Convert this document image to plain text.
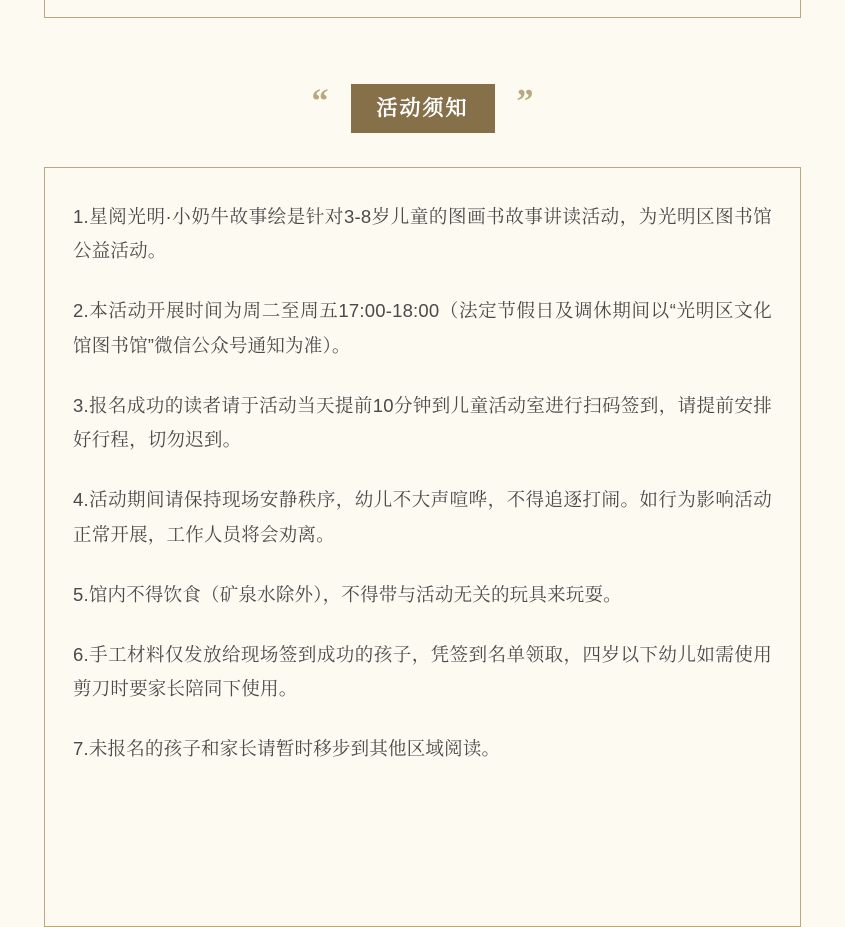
“	活动须知	”

1.星阅光明·小奶牛故事绘是针对3-8岁儿童的图画书故事讲读活动，为光明区图书馆公益活动。

2.本活动开展时间为周二至周五17:00-18:00（法定节假日及调休期间以“光明区文化馆图书馆”微信公众号通知为准）。

3.报名成功的读者请于活动当天提前10分钟到儿童活动室进行扫码签到，请提前安排好行程，切勿迟到。

4.活动期间请保持现场安静秩序，幼儿不大声喧哗，不得追逐打闹。如行为影响活动正常开展，工作人员将会劝离。

5.馆内不得饮食（矿泉水除外），不得带与活动无关的玩具来玩耍。

6.手工材料仅发放给现场签到成功的孩子，凭签到名单领取，四岁以下幼儿如需使用剪刀时要家长陪同下使用。

7.未报名的孩子和家长请暂时移步到其他区域阅读。
